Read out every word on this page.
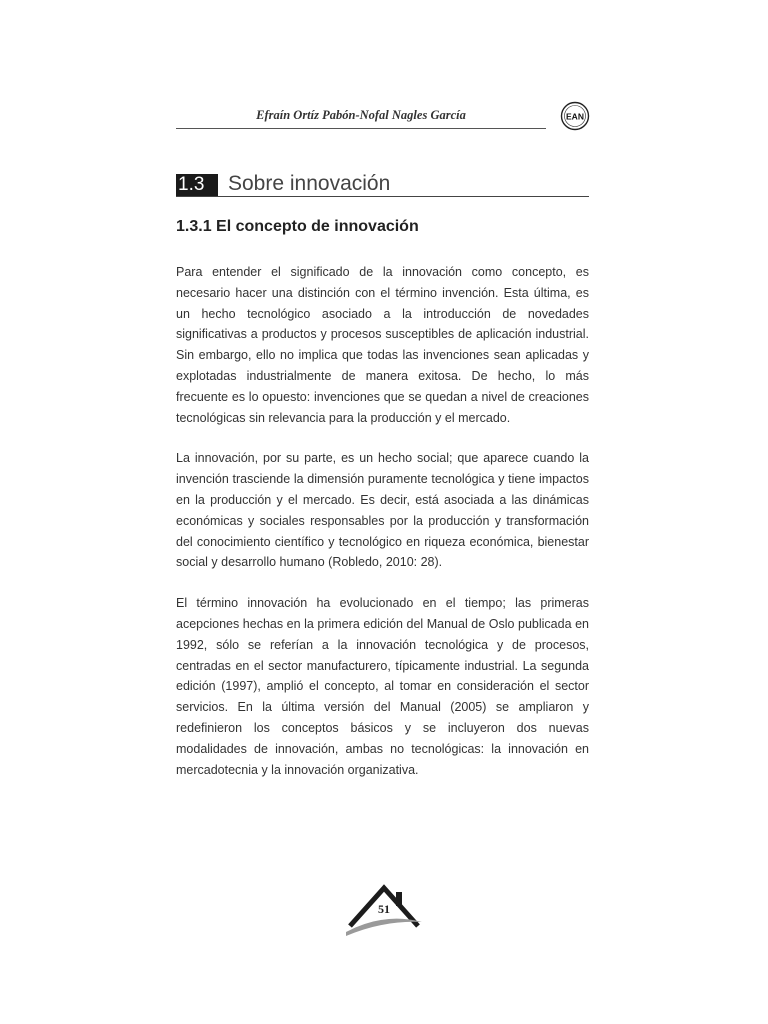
Efraín Ortíz Pabón-Nofal Nagles García	EAN
1.3	Sobre innovación
1.3.1 El concepto de innovación

Para entender el significado de la innovación como concepto, es necesario hacer una distinción con el término invención. Esta última, es un hecho tecnológico asociado a la introducción de novedades significativas a productos y procesos susceptibles de aplicación industrial. Sin embargo, ello no implica que todas las invenciones sean aplicadas y explotadas industrialmente de manera exitosa. De hecho, lo más frecuente es lo opuesto: invenciones que se quedan a nivel de creaciones tecnológicas sin relevancia para la producción y el mercado.

La innovación, por su parte, es un hecho social; que aparece cuando la invención trasciende la dimensión puramente tecnológica y tiene impactos en la producción y el mercado. Es decir, está asociada a las dinámicas económicas y sociales responsables por la producción y transformación del conocimiento científico y tecnológico en riqueza económica, bienestar social y desarrollo humano (Robledo, 2010: 28).

El término innovación ha evolucionado en el tiempo; las primeras acepciones hechas en la primera edición del Manual de Oslo publicada en 1992, sólo se referían a la innovación tecnológica y de procesos, centradas en el sector manufacturero, típicamente industrial. La segunda edición (1997), amplió el concepto, al tomar en consideración el sector servicios. En la última versión del Manual (2005) se ampliaron y redefinieron los conceptos básicos y se incluyeron dos nuevas modalidades de innovación, ambas no tecnológicas: la innovación en mercadotecnia y la innovación organizativa.

51
